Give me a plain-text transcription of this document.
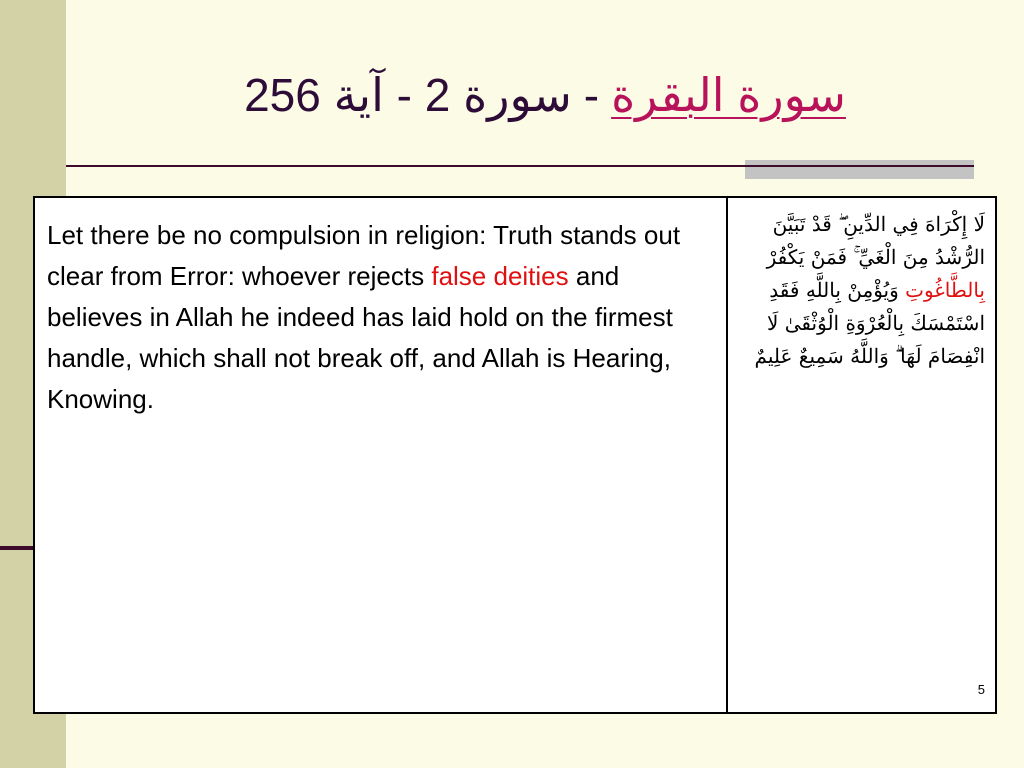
سورة البقرة
-
سورة 2 - آية 256
Let there be no compulsion in religion: Truth stands out clear from Error: whoever rejects false deities and believes in Allah he indeed has laid hold on the firmest handle, which shall not break off, and Allah is Hearing, Knowing.
لَا إِكْرَاهَ فِي الدِّينِ ۖ قَدْ تَبَيَّنَ الرُّشْدُ مِنَ الْغَيِّ ۚ فَمَنْ يَكْفُرْ بِالطَّاغُوتِ وَيُؤْمِنْ بِاللَّهِ فَقَدِ اسْتَمْسَكَ بِالْعُرْوَةِ الْوُثْقَىٰ لَا انْفِصَامَ لَهَا ۗ وَاللَّهُ سَمِيعٌ عَلِيمٌ
5
